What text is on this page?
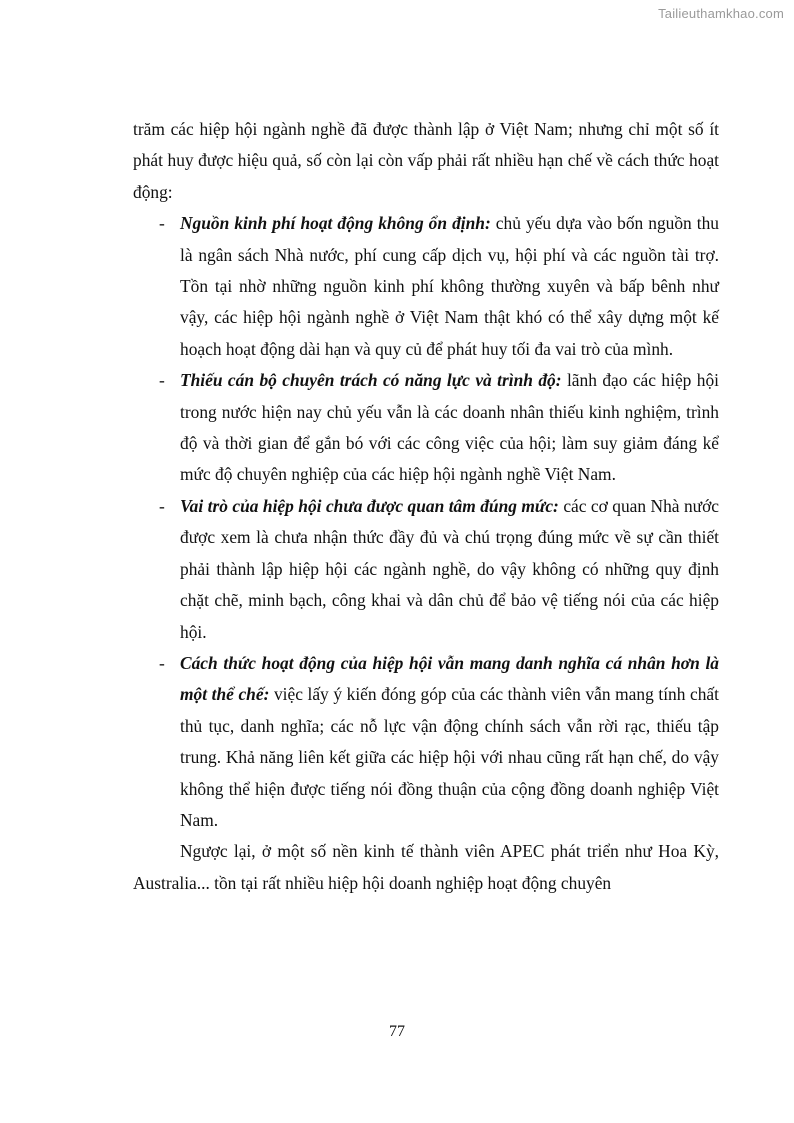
Tailieuthamkhao.com

trăm các hiệp hội ngành nghề đã được thành lập ở Việt Nam; nhưng chỉ một số ít phát huy được hiệu quả, số còn lại còn vấp phải rất nhiều hạn chế về cách thức hoạt động:

- Nguồn kinh phí hoạt động không ổn định: chủ yếu dựa vào bốn nguồn thu là ngân sách Nhà nước, phí cung cấp dịch vụ, hội phí và các nguồn tài trợ. Tồn tại nhờ những nguồn kinh phí không thường xuyên và bấp bênh như vậy, các hiệp hội ngành nghề ở Việt Nam thật khó có thể xây dựng một kế hoạch hoạt động dài hạn và quy củ để phát huy tối đa vai trò của mình.
- Thiếu cán bộ chuyên trách có năng lực và trình độ: lãnh đạo các hiệp hội trong nước hiện nay chủ yếu vẫn là các doanh nhân thiếu kinh nghiệm, trình độ và thời gian để gắn bó với các công việc của hội; làm suy giảm đáng kể mức độ chuyên nghiệp của các hiệp hội ngành nghề Việt Nam.
- Vai trò của hiệp hội chưa được quan tâm đúng mức: các cơ quan Nhà nước được xem là chưa nhận thức đầy đủ và chú trọng đúng mức về sự cần thiết phải thành lập hiệp hội các ngành nghề, do vậy không có những quy định chặt chẽ, minh bạch, công khai và dân chủ để bảo vệ tiếng nói của các hiệp hội.
- Cách thức hoạt động của hiệp hội vẫn mang danh nghĩa cá nhân hơn là một thể chế: việc lấy ý kiến đóng góp của các thành viên vẫn mang tính chất thủ tục, danh nghĩa; các nỗ lực vận động chính sách vẫn rời rạc, thiếu tập trung. Khả năng liên kết giữa các hiệp hội với nhau cũng rất hạn chế, do vậy không thể hiện được tiếng nói đồng thuận của cộng đồng doanh nghiệp Việt Nam.

Ngược lại, ở một số nền kinh tế thành viên APEC phát triển như Hoa Kỳ, Australia... tồn tại rất nhiều hiệp hội doanh nghiệp hoạt động chuyên

77
